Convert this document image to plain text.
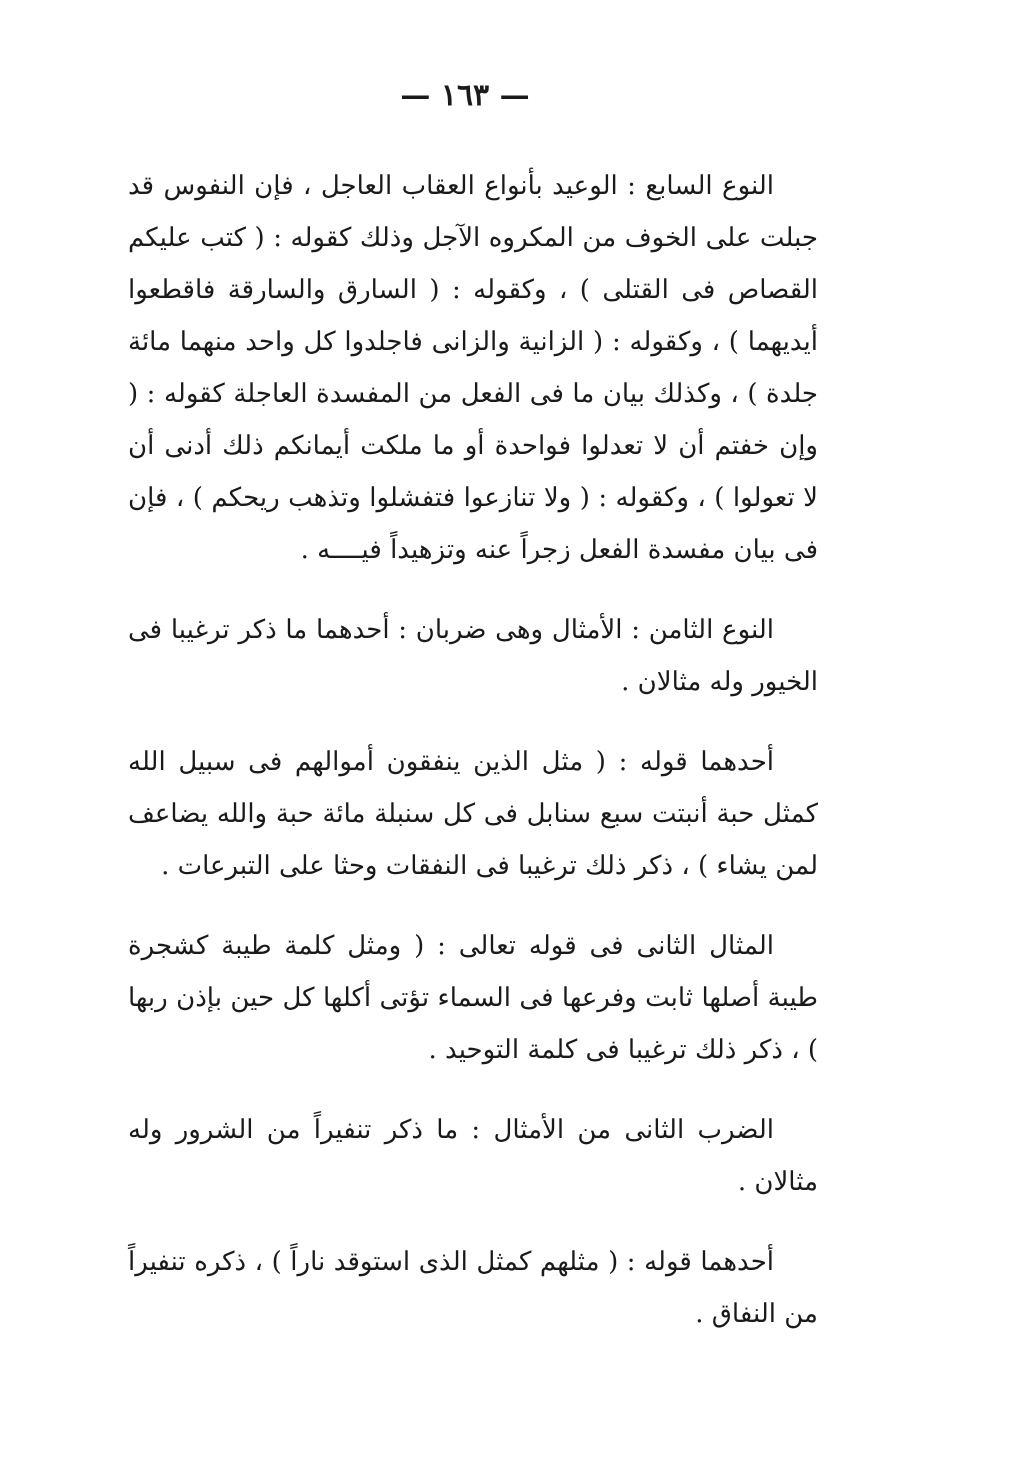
— ١٦٣ —

النوع السابع : الوعيد بأنواع العقاب العاجل ، فإن النفوس قد جبلت على الخوف من المكروه الآجل وذلك كقوله : ( كتب عليكم القصاص فى القتلى ) ، وكقوله : ( السارق والسارقة فاقطعوا أيديهما ) ، وكقوله : ( الزانية والزانى فاجلدوا كل واحد منهما مائة جلدة ) ، وكذلك بيان ما فى الفعل من المفسدة العاجلة كقوله : ( وإن خفتم أن لا تعدلوا فواحدة أو ما ملكت أيمانكم ذلك أدنى أن لا تعولوا ) ، وكقوله : ( ولا تنازعوا فتفشلوا وتذهب ريحكم ) ، فإن فى بيان مفسدة الفعل زجراً عنه وتزهيداً فيــــه .

النوع الثامن : الأمثال وهى ضربان : أحدهما ما ذكر ترغيبا فى الخيور وله مثالان .

أحدهما قوله : ( مثل الذين ينفقون أموالهم فى سبيل الله كمثل حبة أنبتت سبع سنابل فى كل سنبلة مائة حبة والله يضاعف لمن يشاء ) ، ذكر ذلك ترغيبا فى النفقات وحثا على التبرعات .

المثال الثانى فى قوله تعالى : ( ومثل كلمة طيبة كشجرة طيبة أصلها ثابت وفرعها فى السماء تؤتى أكلها كل حين بإذن ربها ) ، ذكر ذلك ترغيبا فى كلمة التوحيد .

الضرب الثانى من الأمثال : ما ذكر تنفيراً من الشرور وله مثالان .

أحدهما قوله : ( مثلهم كمثل الذى استوقد ناراً ) ، ذكره تنفيراً من النفاق .
